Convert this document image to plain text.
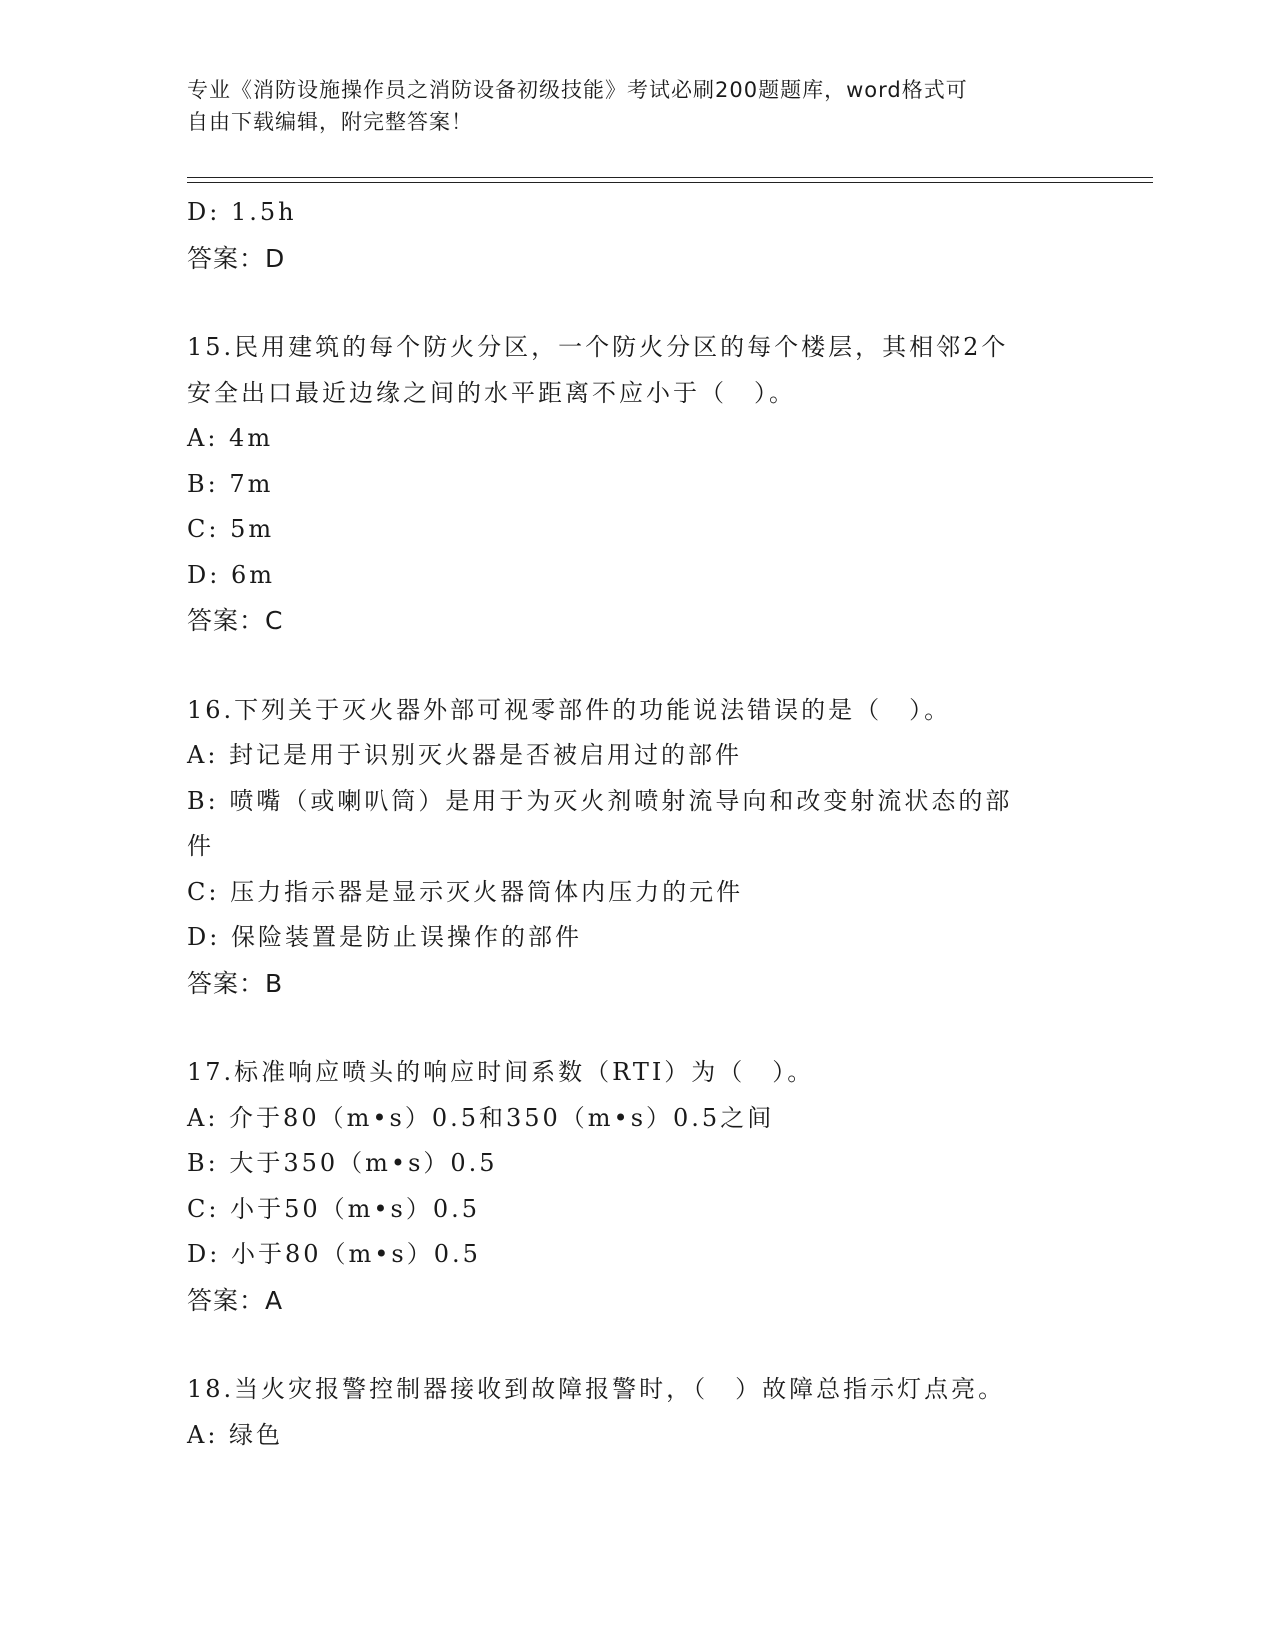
专业《消防设施操作员之消防设备初级技能》考试必刷200题题库，word格式可
自由下载编辑，附完整答案！
D: 1.5h
答案：D
15.民用建筑的每个防火分区，一个防火分区的每个楼层，其相邻2个
安全出口最近边缘之间的水平距离不应小于（　）。
A: 4m
B: 7m
C: 5m
D: 6m
答案：C
16.下列关于灭火器外部可视零部件的功能说法错误的是（　）。
A: 封记是用于识别灭火器是否被启用过的部件
B: 喷嘴（或喇叭筒）是用于为灭火剂喷射流导向和改变射流状态的部
件
C: 压力指示器是显示灭火器筒体内压力的元件
D: 保险装置是防止误操作的部件
答案：B
17.标准响应喷头的响应时间系数（RTI）为（　）。
A: 介于80（m•s）0.5和350（m•s）0.5之间
B: 大于350（m•s）0.5
C: 小于50（m•s）0.5
D: 小于80（m•s）0.5
答案：A
18.当火灾报警控制器接收到故障报警时，（　）故障总指示灯点亮。
A: 绿色
